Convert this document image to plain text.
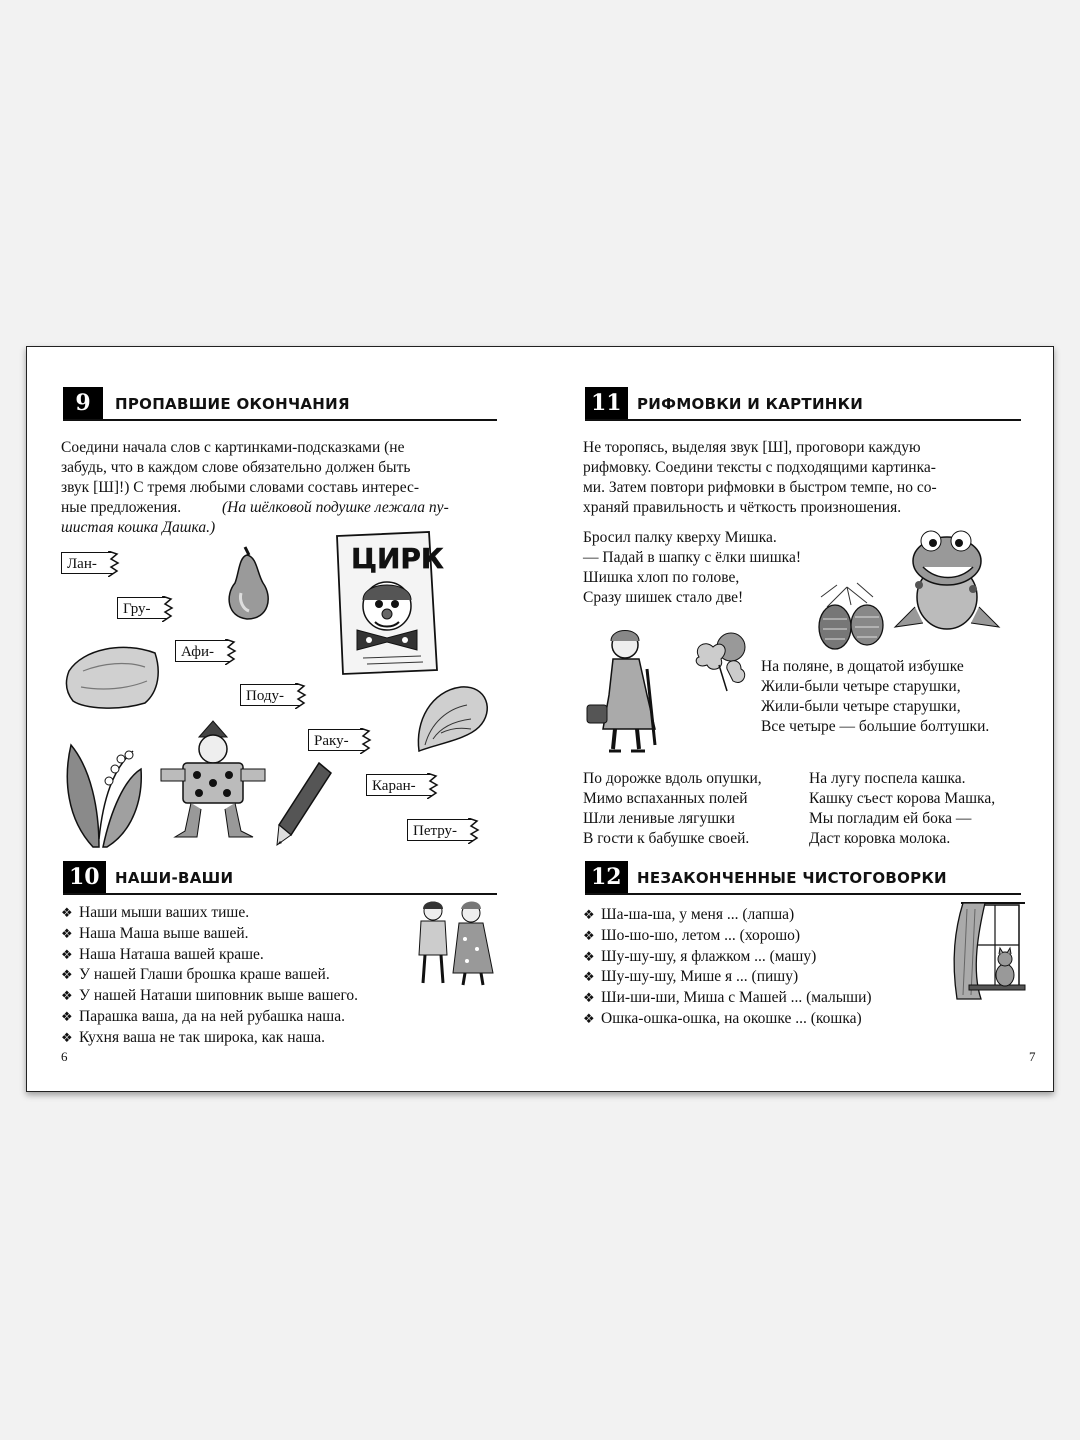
9	ПРОПАВШИЕ ОКОНЧАНИЯ
Соедини начала слов с картинками-подсказками (не
забудь, что в каждом слове обязательно должен быть
звук [Ш]!) С тремя любыми словами составь интерес-
ные предложения.	(На шёлковой подушке лежала пу-
шистая кошка Дашка.)
Лан-
Гру-
Афи-
Поду-
Раку-
Каран-
Петру-
ЦИРК
10	НАШИ-ВАШИ
❖ Наши мыши ваших тише.
❖ Наша Маша выше вашей.
❖ Наша Наташа вашей краше.
❖ У нашей Глаши брошка краше вашей.
❖ У нашей Наташи шиповник выше вашего.
❖ Парашка ваша, да на ней рубашка наша.
❖ Кухня ваша не так широка, как наша.
6
11	РИФМОВКИ И КАРТИНКИ
Не торопясь, выделяя звук [Ш], проговори каждую
рифмовку. Соедини тексты с подходящими картинка-
ми. Затем повтори рифмовки в быстром темпе, но со-
храняй правильность и чёткость произношения.
Бросил палку кверху Мишка.
— Падай в шапку с ёлки шишка!
Шишка хлоп по голове,
Сразу шишек стало две!
На поляне, в дощатой избушке
Жили-были четыре старушки,
Жили-были четыре старушки,
Все четыре — большие болтушки.
По дорожке вдоль опушки,
Мимо вспаханных полей
Шли ленивые лягушки
В гости к бабушке своей.
На лугу поспела кашка.
Кашку съест корова Машка,
Мы погладим ей бока —
Даст коровка молока.
12	НЕЗАКОНЧЕННЫЕ ЧИСТОГОВОРКИ
❖ Ша-ша-ша, у меня ... (лапша)
❖ Шо-шо-шо, летом ... (хорошо)
❖ Шу-шу-шу, я флажком ... (машу)
❖ Шу-шу-шу, Мише я ... (пишу)
❖ Ши-ши-ши, Миша с Машей ... (малыши)
❖ Ошка-ошка-ошка, на окошке ... (кошка)
7
